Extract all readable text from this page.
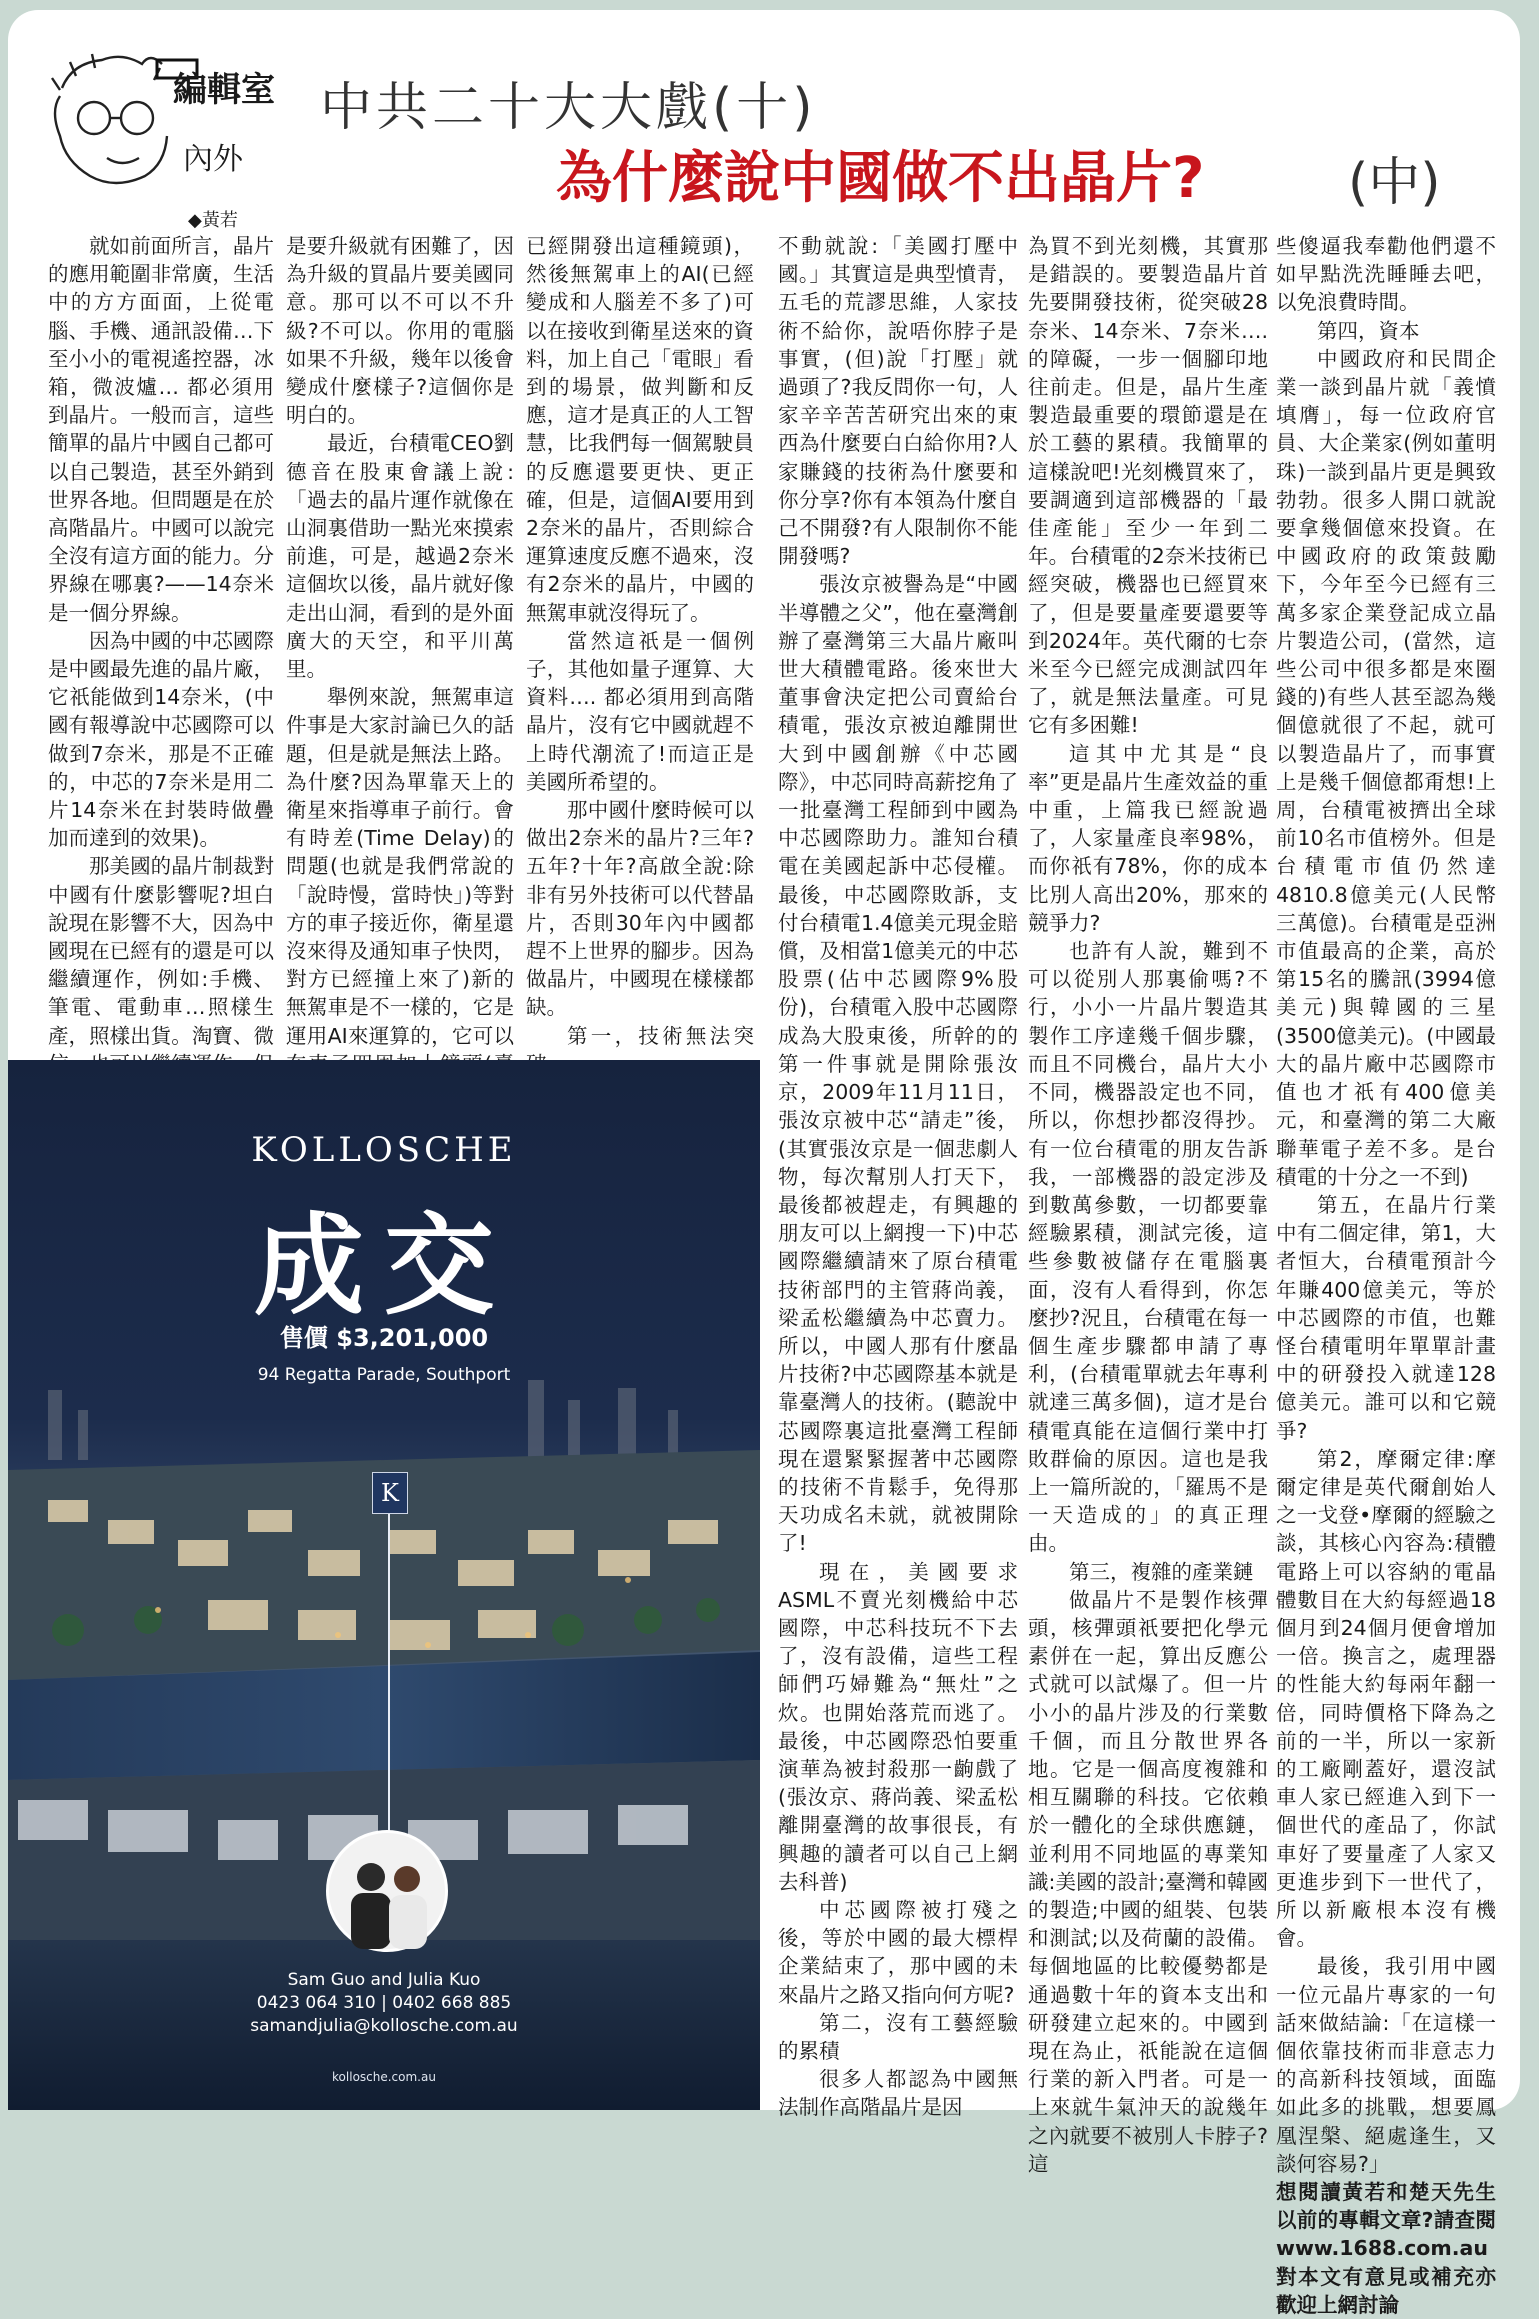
編輯室
內外
◆黃若
中共二十大大戲(十)
為什麼說中國做不出晶片?	(中)

就如前面所言，晶片的應用範圍非常廣，生活中的方方面面，上從電腦、手機、通訊設備…下至小小的電視遙控器，冰箱，微波爐… 都必須用到晶片。一般而言，這些簡單的晶片中國自己都可以自己製造，甚至外銷到世界各地。但問題是在於高階晶片。中國可以說完全沒有這方面的能力。分界線在哪裏?——14奈米是一個分界線。

因為中國的中芯國際是中國最先進的晶片廠，它祇能做到14奈米，(中國有報導說中芯國際可以做到7奈米，那是不正確的，中芯的7奈米是用二片14奈米在封裝時做疊加而達到的效果)。

那美國的晶片制裁對中國有什麼影響呢?坦白說現在影響不大，因為中國現在已經有的還是可以繼續運作，例如:手機、筆電、電動車…照樣生產，照樣出貨。淘寶、微

是要升級就有困難了，因為升級的買晶片要美國同意。那可以不可以不升級?不可以。你用的電腦如果不升級，幾年以後會變成什麼樣子?這個你是明白的。

最近，台積電CEO劉德音在股東會議上說:「過去的晶片運作就像在山洞裏借助一點光來摸索前進，可是，越過2奈米這個坎以後，晶片就好像走出山洞，看到的是外面廣大的天空，和平川萬里。

舉例來說，無駕車這件事是大家討論已久的話題，但是就是無法上路。為什麼?因為單靠天上的衛星來指導車子前行。會有時差(Time Delay)的問題(也就是我們常說的「說時慢，當時快」)等對方的車子接近你，衛星還沒來得及通知車子快閃，對方已經撞上來了)新的無駕車是不一樣的，它是運用AI來運算的，它可以

已經開發出這種鏡頭)，然後無駕車上的AI(已經變成和人腦差不多了)可以在接收到衛星送來的資料，加上自己「電眼」看到的場景，做判斷和反應，這才是真正的人工智慧，比我們每一個駕駛員的反應還要更快、更正確，但是，這個AI要用到2奈米的晶片，否則綜合運算速度反應不過來，沒有2奈米的晶片，中國的無駕車就沒得玩了。

當然這祇是一個例子，其他如量子運算、大資料…. 都必須用到高階晶片，沒有它中國就趕不上時代潮流了!而這正是美國所希望的。

那中國什麼時候可以做出2奈米的晶片?三年?五年?十年?高啟全說:除非有另外技術可以代替晶片，否則30年內中國都趕不上世界的腳步。因為做晶片，中國現在樣樣都缺。

第一，技術無法突

不動就說:「美國打壓中國。」其實這是典型憤青，五毛的荒謬思維，人家技術不給你，說唔你脖子是事實，(但)說「打壓」就過頭了?我反問你一句，人家辛辛苦苦研究出來的東西為什麼要白白給你用?人家賺錢的技術為什麼要和你分享?你有本領為什麼自己不開發?有人限制你不能開發嗎?

張汝京被譽為是“中國半導體之父”，他在臺灣創辦了臺灣第三大晶片廠叫世大積體電路。後來世大董事會決定把公司賣給台積電，張汝京被迫離開世大到中國創辦《中芯國際》，中芯同時高薪挖角了一批臺灣工程師到中國為中芯國際助力。誰知台積電在美國起訴中芯侵權。最後，中芯國際敗訴，支付台積電1.4億美元現金賠償，及相當1億美元的中芯股票(佔中芯國際9%股份)，台積電入股中芯國際成為大股東後，所幹的的第一件事就是開除張汝京，2009年11月11日，張汝京被中芯“請走”後，(其實張汝京是一個悲劇人物，每次幫別人打天下，最後都被趕走，有興趣的朋友可以上網搜一下)中芯國際繼續請來了原台積電技術部門的主管蔣尚義，梁孟松繼續為中芯賣力。所以，中國人那有什麼晶片技術?中芯國際基本就是靠臺灣人的技術。(聽說中芯國際裏這批臺灣工程師現在還緊緊握著中芯國際的技術不肯鬆手，免得那天功成名未就，就被開除了!

現在，美國要求ASML不賣光刻機給中芯國際，中芯科技玩不下去了，沒有設備，這些工程師們巧婦難為“無灶”之炊。也開始落荒而逃了。最後，中芯國際恐怕要重演華為被封殺那一齣戲了(張汝京、蔣尚義、梁孟松離開臺灣的故事很長，有興趣的讀者可以自己上網去科普)

中芯國際被打殘之後，等於中國的最大標桿企業結束了，那中國的未來晶片之路又指向何方呢?

第二，沒有工藝經驗的累積

很多人都認為中國無法制作高階晶片是因

為買不到光刻機，其實那是錯誤的。要製造晶片首先要開發技術，從突破28奈米、14奈米、7奈米…. 的障礙，一步一個腳印地往前走。但是，晶片生產製造最重要的環節還是在於工藝的累積。我簡單的這樣說吧!光刻機買來了，要調適到這部機器的「最佳產能」至少一年到二年。台積電的2奈米技術已經突破，機器也已經買來了，但是要量產要還要等到2024年。英代爾的七奈米至今已經完成測試四年了，就是無法量產。可見它有多困難!

這其中尤其是“良率”更是晶片生產效益的重中重，上篇我已經說過了，人家量產良率98%，而你祇有78%，你的成本比別人高出20%，那來的競爭力?

也許有人說，難到不可以從別人那裏偷嗎?不行，小小一片晶片製造其製作工序達幾千個步驟，而且不同機台，晶片大小不同，機器設定也不同，所以，你想抄都沒得抄。有一位台積電的朋友告訴我，一部機器的設定涉及到數萬參數，一切都要靠經驗累積，測試完後，這些參數被儲存在電腦裏面，沒有人看得到，你怎麼抄?況且，台積電在每一個生產步驟都申請了專利，(台積電單就去年專利就達三萬多個)，這才是台積電真能在這個行業中打敗群倫的原因。這也是我上一篇所說的，「羅馬不是一天造成的」的真正理由。

第三，複雜的產業鏈

做晶片不是製作核彈頭，核彈頭祇要把化學元素併在一起，算出反應公式就可以試爆了。但一片小小的晶片涉及的行業數千個，而且分散世界各地。它是一個高度複雜和相互關聯的科技。它依賴於一體化的全球供應鏈，並利用不同地區的專業知識:美國的設計;臺灣和韓國的製造;中國的組裝、包裝和測試;以及荷蘭的設備。每個地區的比較優勢都是通過數十年的資本支出和研發建立起來的。中國到現在為止，祇能說在這個行業的新入門者。可是一上來就牛氣沖天的說幾年之內就要不被別人卡脖子?這

些傻逼我奉勸他們還不如早點洗洗睡睡去吧，以免浪費時間。

第四，資本

中國政府和民間企業一談到晶片就「義憤填膺」，每一位政府官員、大企業家(例如董明珠)一談到晶片更是興致勃勃。很多人開口就說要拿幾個億來投資。在中國政府的政策鼓勵下，今年至今已經有三萬多家企業登記成立晶片製造公司，(當然，這些公司中很多都是來圈錢的)有些人甚至認為幾個億就很了不起，就可以製造晶片了，而事實上是幾千個億都甭想!上周，台積電被擠出全球前10名市值榜外。但是台積電市值仍然達4810.8億美元(人民幣三萬億)。台積電是亞洲市值最高的企業，高於第15名的騰訊(3994億美元)與韓國的三星(3500億美元)。(中國最大的晶片廠中芯國際市值也才祇有400億美元，和臺灣的第二大廠聯華電子差不多。是台積電的十分之一不到)

第五，在晶片行業中有二個定律，第1，大者恒大，台積電預計今年賺400億美元，等於中芯國際的市值，也難怪台積電明年單單計畫中的研發投入就達128億美元。誰可以和它競爭?

第2，摩爾定律:摩爾定律是英代爾創始人之一戈登•摩爾的經驗之談，其核心內容為:積體電路上可以容納的電晶體數目在大約每經過18個月到24個月便會增加一倍。換言之，處理器的性能大約每兩年翻一倍，同時價格下降為之前的一半，所以一家新的工廠剛蓋好，還沒試車人家已經進入到下一個世代的產品了，你試車好了要量產了人家又更進步到下一世代了，所以新廠根本沒有機會。

最後，我引用中國一位元晶片專家的一句話來做結論:「在這樣一個依靠技術而非意志力的高新科技領域，面臨如此多的挑戰，想要鳳凰涅槃、絕處逢生，又談何容易?」

想閱讀黃若和楚天先生以前的專輯文章?請查閱www.1688.com.au 對本文有意見或補充亦歡迎上網討論

KOLLOSCHE
成交
售價 $3,201,000
94 Regatta Parade, Southport
K
Sam Guo and Julia Kuo
0423 064 310 | 0402 668 885
samandjulia@kollosche.com.au
kollosche.com.au
